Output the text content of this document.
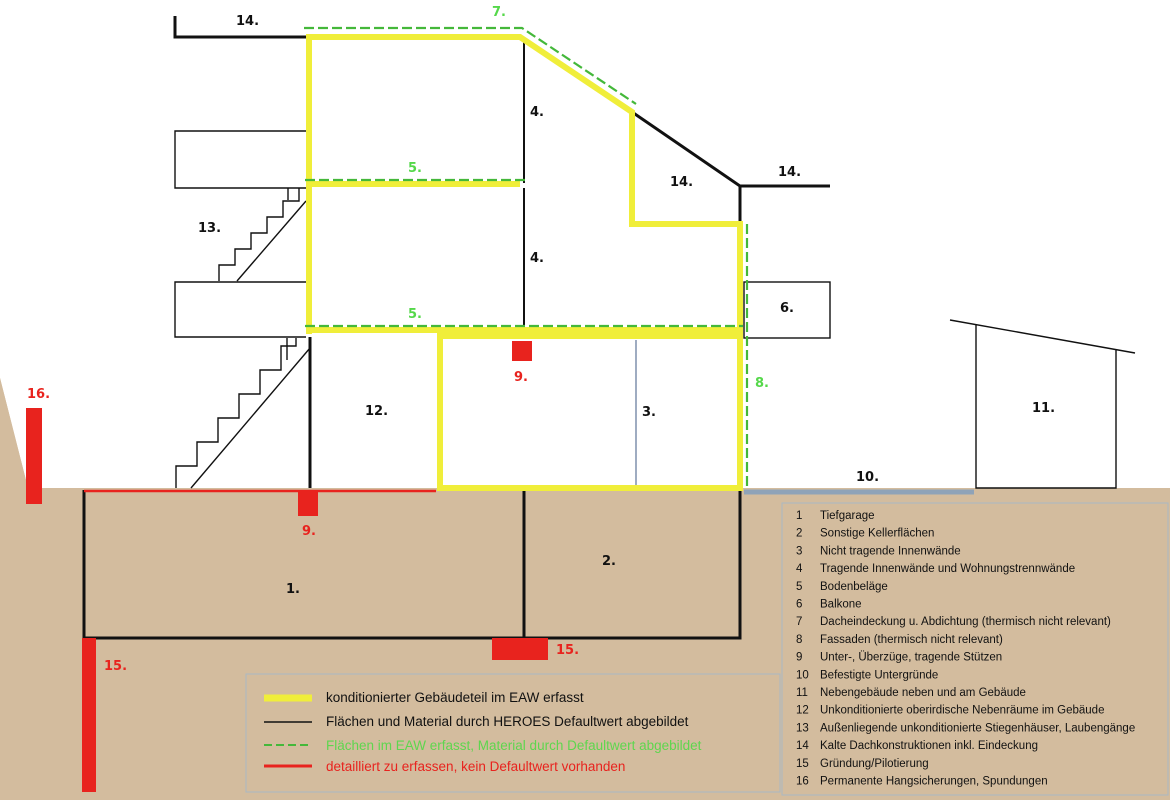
14.
7.
4.
4.
5.
5.
14.
14.
13.
6.
8.
9.
9.
12.	3.
10.
11.
1.
2.
16.
15.
15.
konditionierter Gebäudeteil im EAW erfasst
Flächen und Material durch HEROES Defaultwert abgebildet
Flächen im EAW erfasst, Material durch Defaultwert abgebildet
detailliert zu erfassen, kein Defaultwert vorhanden
1 Tiefgarage
2 Sonstige Kellerflächen
3 Nicht tragende Innenwände
4 Tragende Innenwände und Wohnungstrennwände
5 Bodenbeläge
6 Balkone
7 Dacheindeckung u. Abdichtung (thermisch nicht relevant)
8 Fassaden (thermisch nicht relevant)
9 Unter-, Überzüge, tragende Stützen
10 Befestigte Untergründe
11 Nebengebäude neben und am Gebäude
12 Unkonditionierte oberirdische Nebenräume im Gebäude
13 Außenliegende unkonditionierte Stiegenhäuser, Laubengänge
14 Kalte Dachkonstruktionen inkl. Eindeckung
15 Gründung/Pilotierung
16 Permanente Hangsicherungen, Spundungen
